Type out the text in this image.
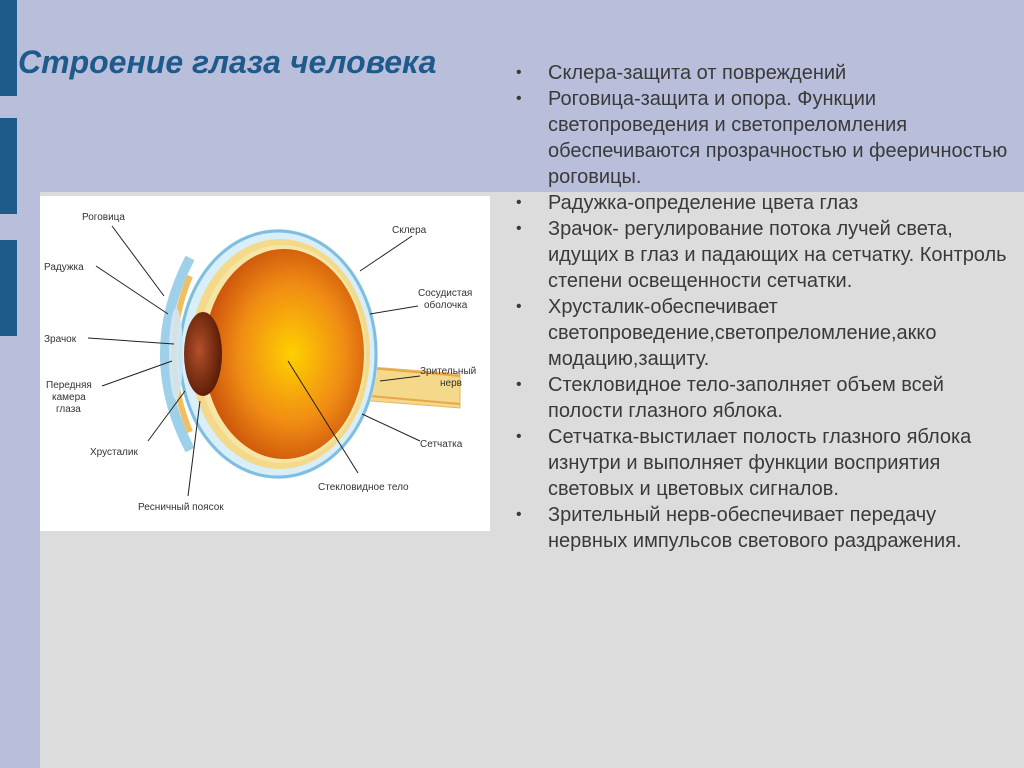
Строение глаза человека
Роговица
Радужка
Зрачок
Передняя
камера
глаза
Хрусталик
Ресничный поясок
Склера
Сосудистая
оболочка
Зрительный
нерв
Сетчатка
Стекловидное тело
• Склера-защита от повреждений
• Роговица-защита и опора. Функции светопроведения и светопреломления обеспечиваются прозрачностью и фееричностью роговицы.
• Радужка-определение цвета глаз
• Зрачок- регулирование потока лучей света, идущих в глаз и падающих на сетчатку. Контроль степени освещенности сетчатки.
• Хрусталик-обеспечивает светопроведение,светопреломление,акко модацию,защиту.
• Стекловидное тело-заполняет объем всей полости глазного яблока.
• Сетчатка-выстилает полость глазного яблока изнутри и выполняет функции восприятия световых и цветовых сигналов.
• Зрительный нерв-обеспечивает передачу нервных импульсов светового раздражения.
